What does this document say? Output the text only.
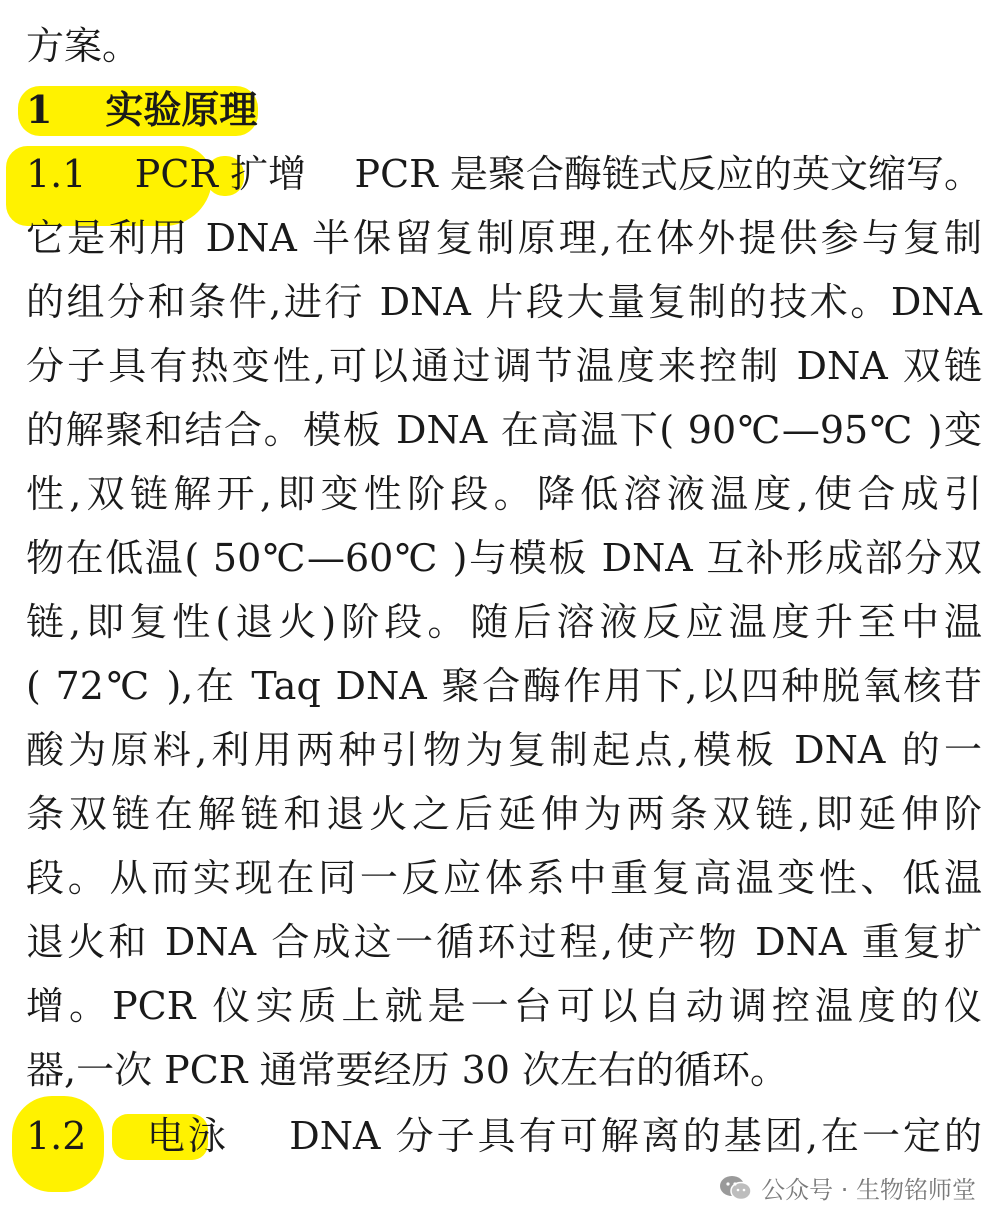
方案。
1    实验原理
1.1    PCR 扩增    PCR 是聚合酶链式反应的英文缩写。
它是利用 DNA 半保留复制原理,在体外提供参与复制
的组分和条件,进行 DNA 片段大量复制的技术。DNA
分子具有热变性,可以通过调节温度来控制 DNA 双链
的解聚和结合。模板 DNA 在高温下( 90℃—95℃ )变
性,双链解开,即变性阶段。降低溶液温度,使合成引
物在低温( 50℃—60℃ )与模板 DNA 互补形成部分双
链,即复性(退火)阶段。随后溶液反应温度升至中温
( 72℃ ),在 Taq DNA 聚合酶作用下,以四种脱氧核苷
酸为原料,利用两种引物为复制起点,模板 DNA 的一
条双链在解链和退火之后延伸为两条双链,即延伸阶
段。从而实现在同一反应体系中重复高温变性、低温
退火和 DNA 合成这一循环过程,使产物 DNA 重复扩
增。PCR 仪实质上就是一台可以自动调控温度的仪
器,一次 PCR 通常要经历 30 次左右的循环。
1.2    电泳    DNA 分子具有可解离的基团,在一定的
公众号 · 生物铭师堂
